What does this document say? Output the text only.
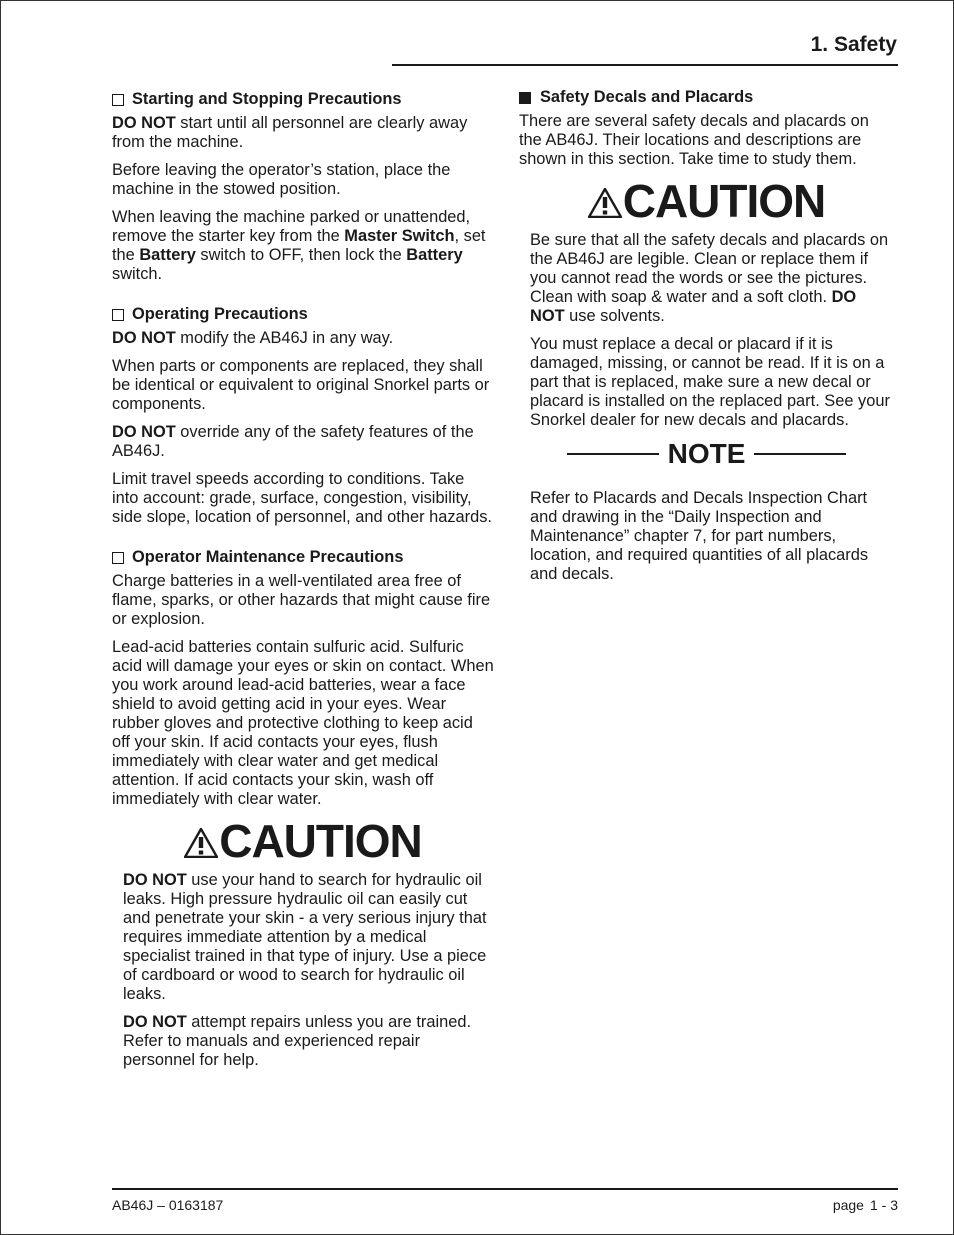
1. Safety
Starting and Stopping Precautions

DO NOT start until all personnel are clearly away from the machine.

Before leaving the operator’s station, place the machine in the stowed position.

When leaving the machine parked or unattended, remove the starter key from the Master Switch, set the Battery switch to OFF, then lock the Battery switch.

Operating Precautions

DO NOT modify the AB46J in any way.

When parts or components are replaced, they shall be identical or equivalent to original Snorkel parts or components.

DO NOT override any of the safety features of the AB46J.

Limit travel speeds according to conditions. Take into account: grade, surface, congestion, visibility, side slope, location of personnel, and other hazards.

Operator Maintenance Precautions

Charge batteries in a well-ventilated area free of flame, sparks, or other hazards that might cause fire or explosion.

Lead-acid batteries contain sulfuric acid. Sulfuric acid will damage your eyes or skin on contact. When you work around lead-acid batteries, wear a face shield to avoid getting acid in your eyes. Wear rubber gloves and protective clothing to keep acid off your skin. If acid contacts your eyes, flush immediately with clear water and get medical attention. If acid contacts your skin, wash off immediately with clear water.

CAUTION

DO NOT use your hand to search for hydraulic oil leaks. High pressure hydraulic oil can easily cut and penetrate your skin - a very serious injury that requires immediate attention by a medical specialist trained in that type of injury. Use a piece of cardboard or wood to search for hydraulic oil leaks.

DO NOT attempt repairs unless you are trained. Refer to manuals and experienced repair personnel for help.

Safety Decals and Placards

There are several safety decals and placards on the AB46J. Their locations and descriptions are shown in this section. Take time to study them.

CAUTION

Be sure that all the safety decals and placards on the AB46J are legible. Clean or replace them if you cannot read the words or see the pictures. Clean with soap & water and a soft cloth. DO NOT use solvents.

You must replace a decal or placard if it is damaged, missing, or cannot be read. If it is on a part that is replaced, make sure a new decal or placard is installed on the replaced part. See your Snorkel dealer for new decals and placards.

NOTE

Refer to Placards and Decals Inspection Chart and drawing in the “Daily Inspection and Maintenance” chapter 7, for part numbers, location, and required quantities of all placards and decals.

AB46J – 0163187	page 1 - 3
